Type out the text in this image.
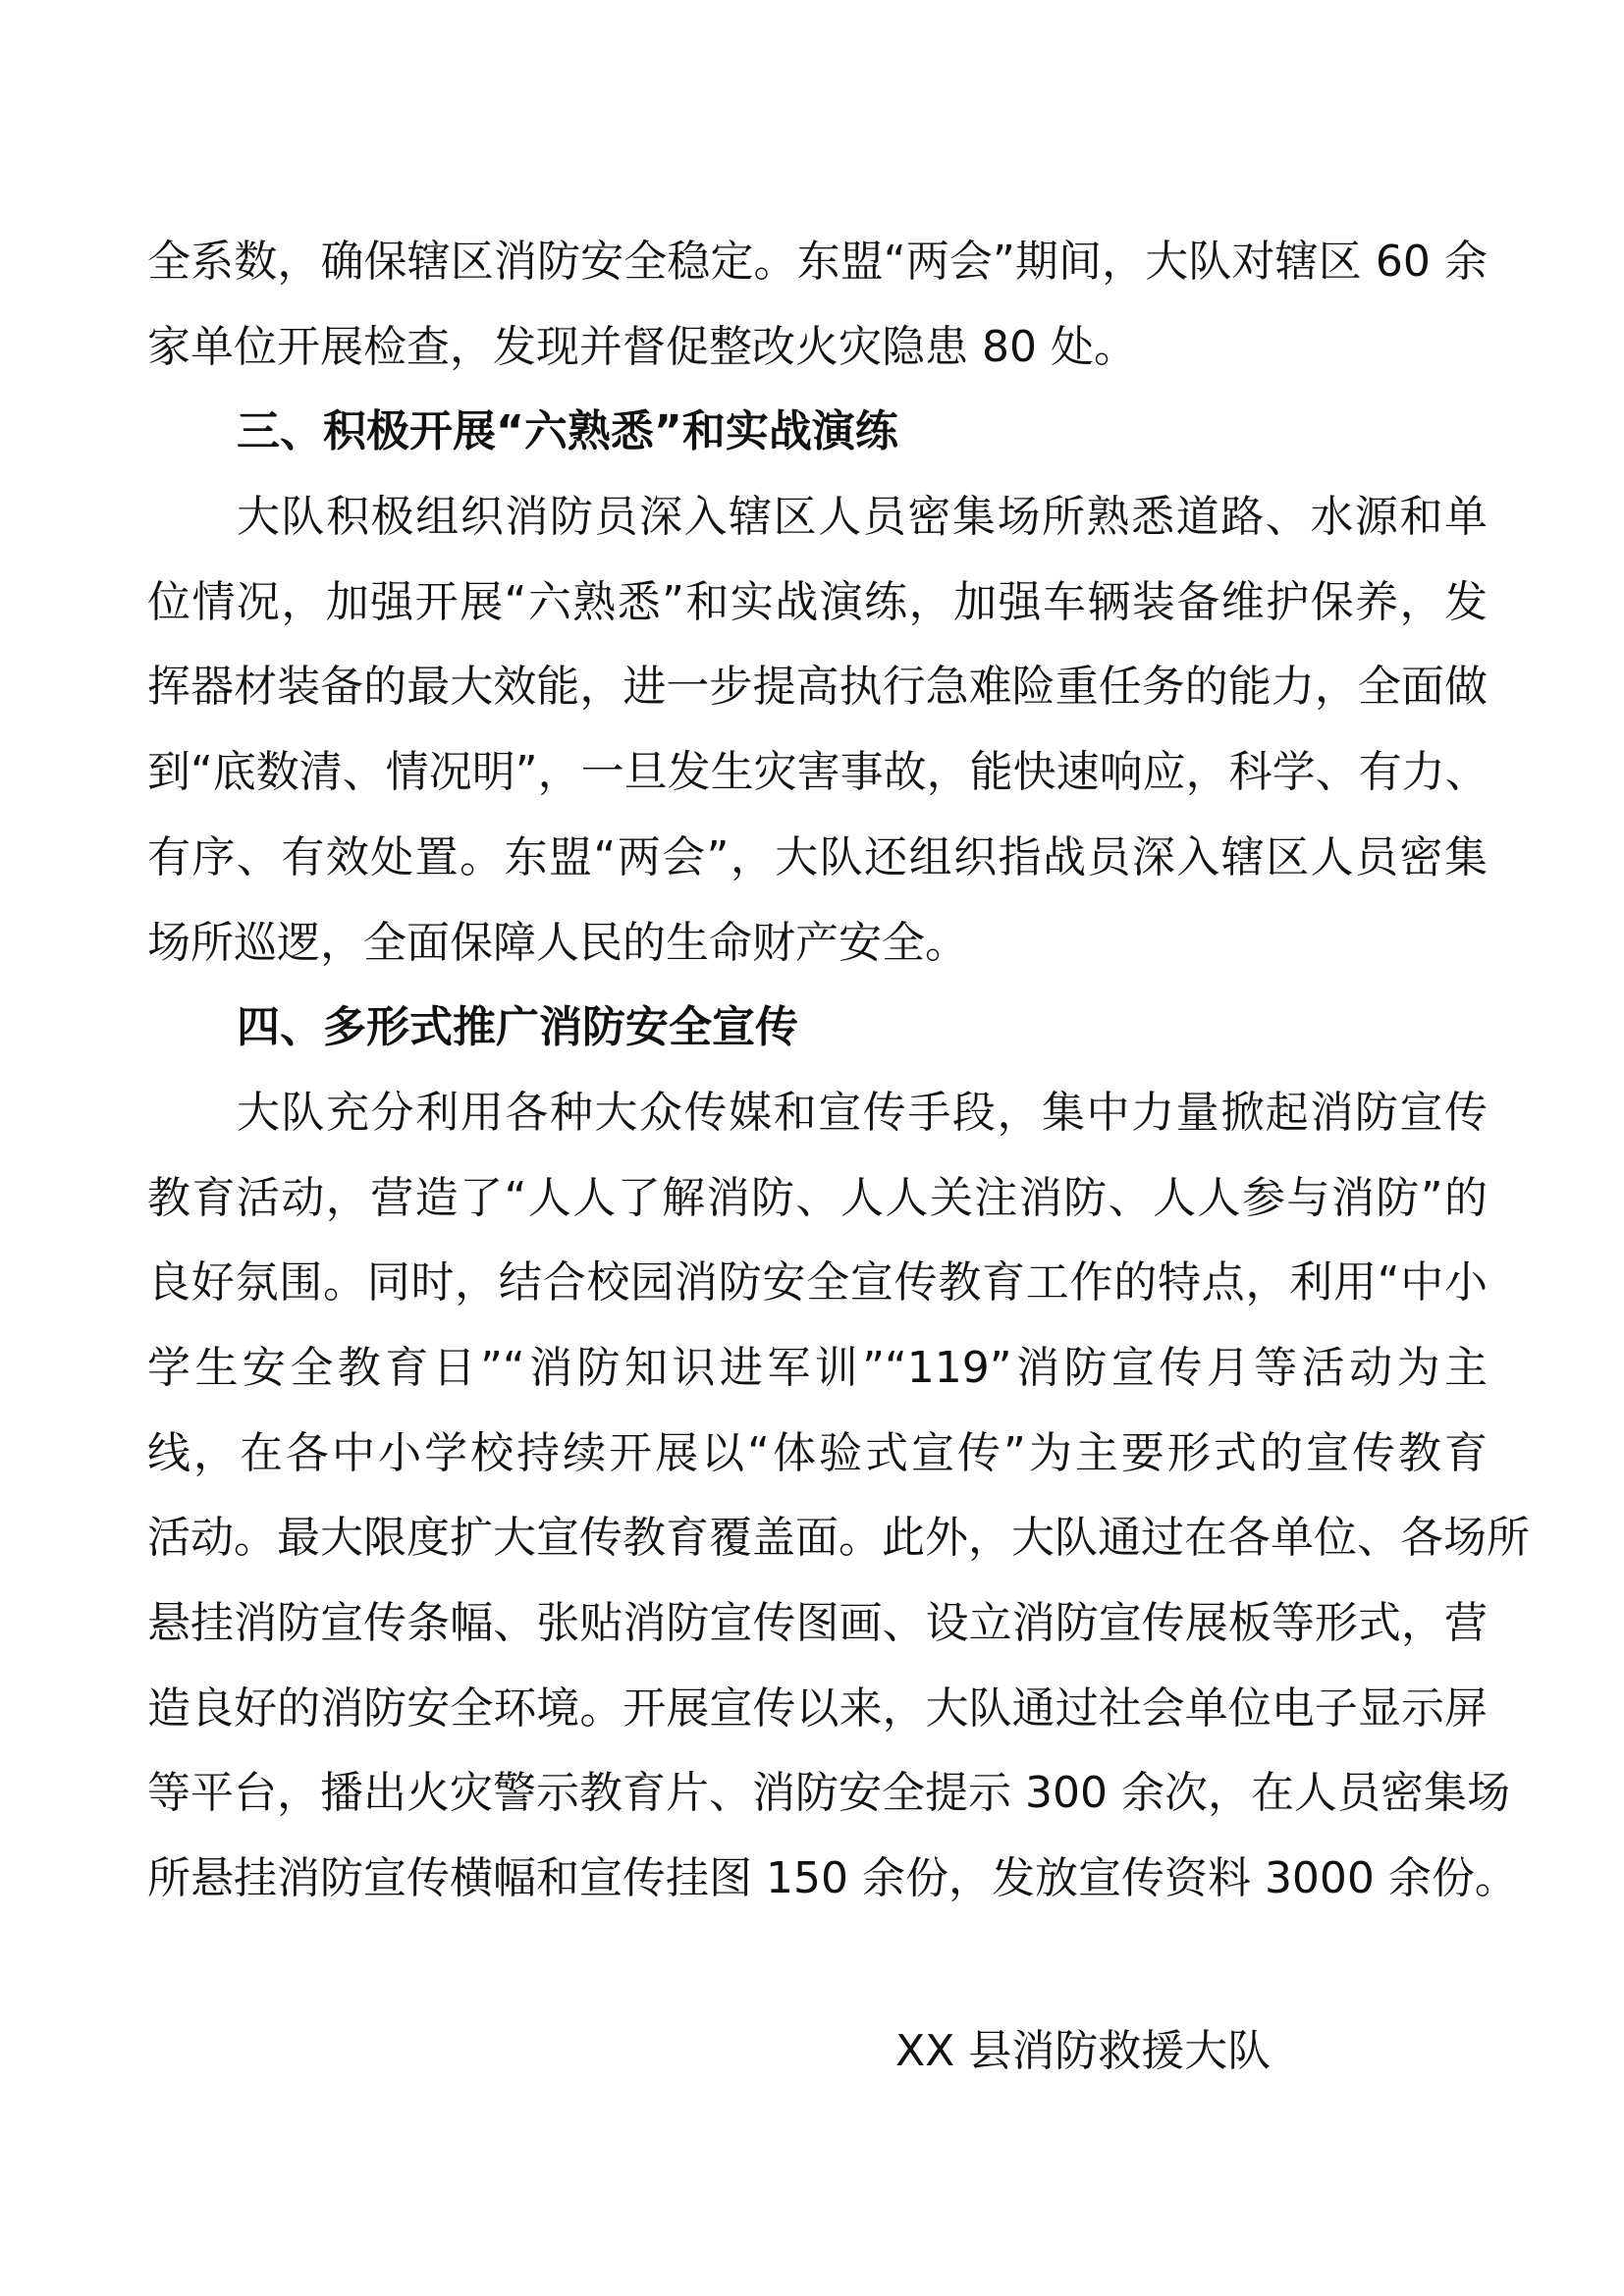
全系数，确保辖区消防安全稳定。东盟“两会”期间，大队对辖区 60 余
家单位开展检查，发现并督促整改火灾隐患 80 处。
三、积极开展“六熟悉”和实战演练
大队积极组织消防员深入辖区人员密集场所熟悉道路、水源和单
位情况，加强开展“六熟悉”和实战演练，加强车辆装备维护保养，发
挥器材装备的最大效能，进一步提高执行急难险重任务的能力，全面做
到“底数清、情况明”，一旦发生灾害事故，能快速响应，科学、有力、
有序、有效处置。东盟“两会”，大队还组织指战员深入辖区人员密集
场所巡逻，全面保障人民的生命财产安全。
四、多形式推广消防安全宣传
大队充分利用各种大众传媒和宣传手段，集中力量掀起消防宣传
教育活动，营造了“人人了解消防、人人关注消防、人人参与消防”的
良好氛围。同时，结合校园消防安全宣传教育工作的特点，利用“中小
学生安全教育日”“消防知识进军训”“119”消防宣传月等活动为主
线，在各中小学校持续开展以“体验式宣传”为主要形式的宣传教育
活动。最大限度扩大宣传教育覆盖面。此外，大队通过在各单位、各场所
悬挂消防宣传条幅、张贴消防宣传图画、设立消防宣传展板等形式，营
造良好的消防安全环境。开展宣传以来，大队通过社会单位电子显示屏
等平台，播出火灾警示教育片、消防安全提示 300 余次，在人员密集场
所悬挂消防宣传横幅和宣传挂图 150 余份，发放宣传资料 3000 余份。
XX 县消防救援大队
